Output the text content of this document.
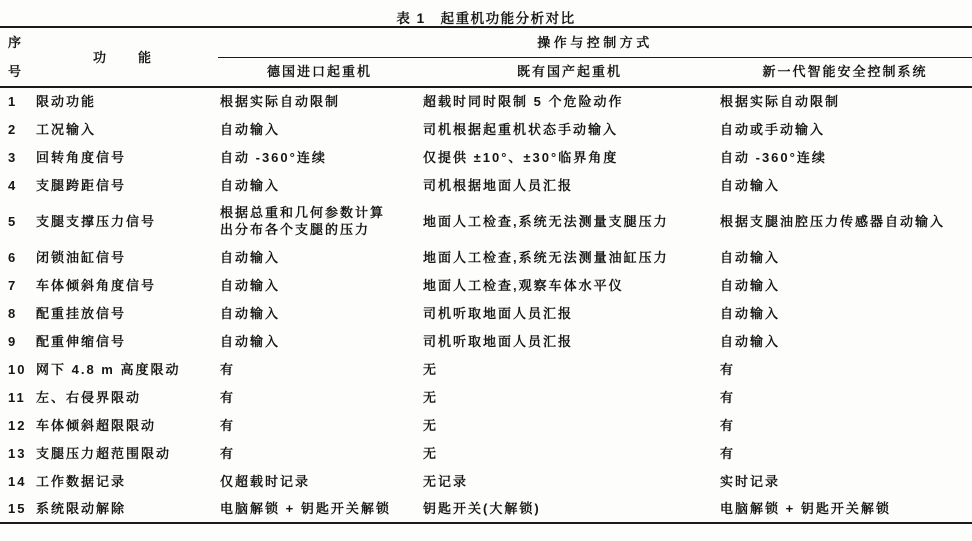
表 1　起重机功能分析对比
序
号	功　　能	操作与控制方式		
		德国进口起重机	既有国产起重机	新一代智能安全控制系统
1	限动功能	根据实际自动限制	超载时同时限制 5 个危险动作	根据实际自动限制
2	工况输入	自动输入	司机根据起重机状态手动输入	自动或手动输入
3	回转角度信号	自动 -360°连续	仅提供 ±10°、±30°临界角度	自动 -360°连续
4	支腿跨距信号	自动输入	司机根据地面人员汇报	自动输入
5	支腿支撑压力信号	根据总重和几何参数计算出分布各个支腿的压力	地面人工检查,系统无法测量支腿压力	根据支腿油腔压力传感器自动输入
6	闭锁油缸信号	自动输入	地面人工检查,系统无法测量油缸压力	自动输入
7	车体倾斜角度信号	自动输入	地面人工检查,观察车体水平仪	自动输入
8	配重挂放信号	自动输入	司机听取地面人员汇报	自动输入
9	配重伸缩信号	自动输入	司机听取地面人员汇报	自动输入
10	网下 4.8 m 高度限动	有	无	有
11	左、右侵界限动	有	无	有
12	车体倾斜超限限动	有	无	有
13	支腿压力超范围限动	有	无	有
14	工作数据记录	仅超载时记录	无记录	实时记录
15	系统限动解除	电脑解锁 + 钥匙开关解锁	钥匙开关(大解锁)	电脑解锁 + 钥匙开关解锁
